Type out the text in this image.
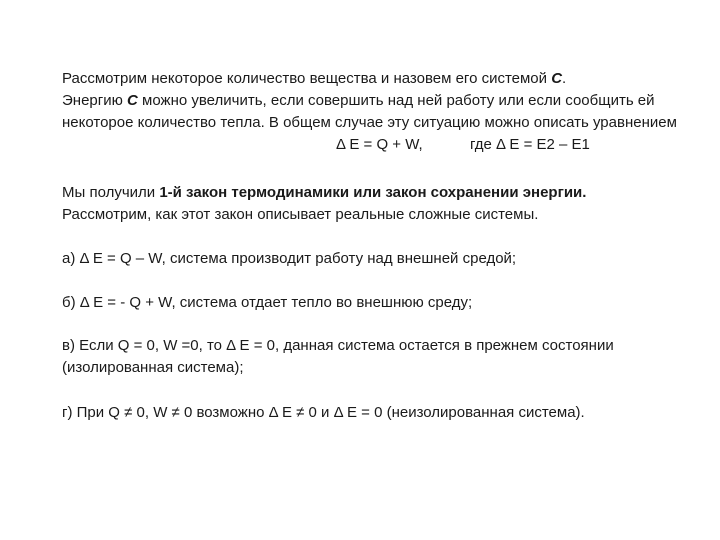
Рассмотрим некоторое количество вещества и назовем его системой С.
Энергию С можно увеличить, если совершить над ней работу или если сообщить ей некоторое количество тепла. В общем случае эту ситуацию можно описать уравнением

Δ E = Q + W,	где Δ E = E2 – E1

Мы получили 1-й закон термодинамики или закон сохранении энергии.
Рассмотрим, как этот закон описывает реальные сложные системы.

а) Δ E = Q – W, система производит работу над внешней средой;

б) Δ E = - Q + W, система отдает тепло во внешнюю среду;

в) Если Q = 0, W =0, то Δ E = 0, данная система остается в прежнем состоянии (изолированная система);

г) При Q ≠ 0, W ≠ 0 возможно Δ E ≠ 0 и Δ E = 0 (неизолированная система).
